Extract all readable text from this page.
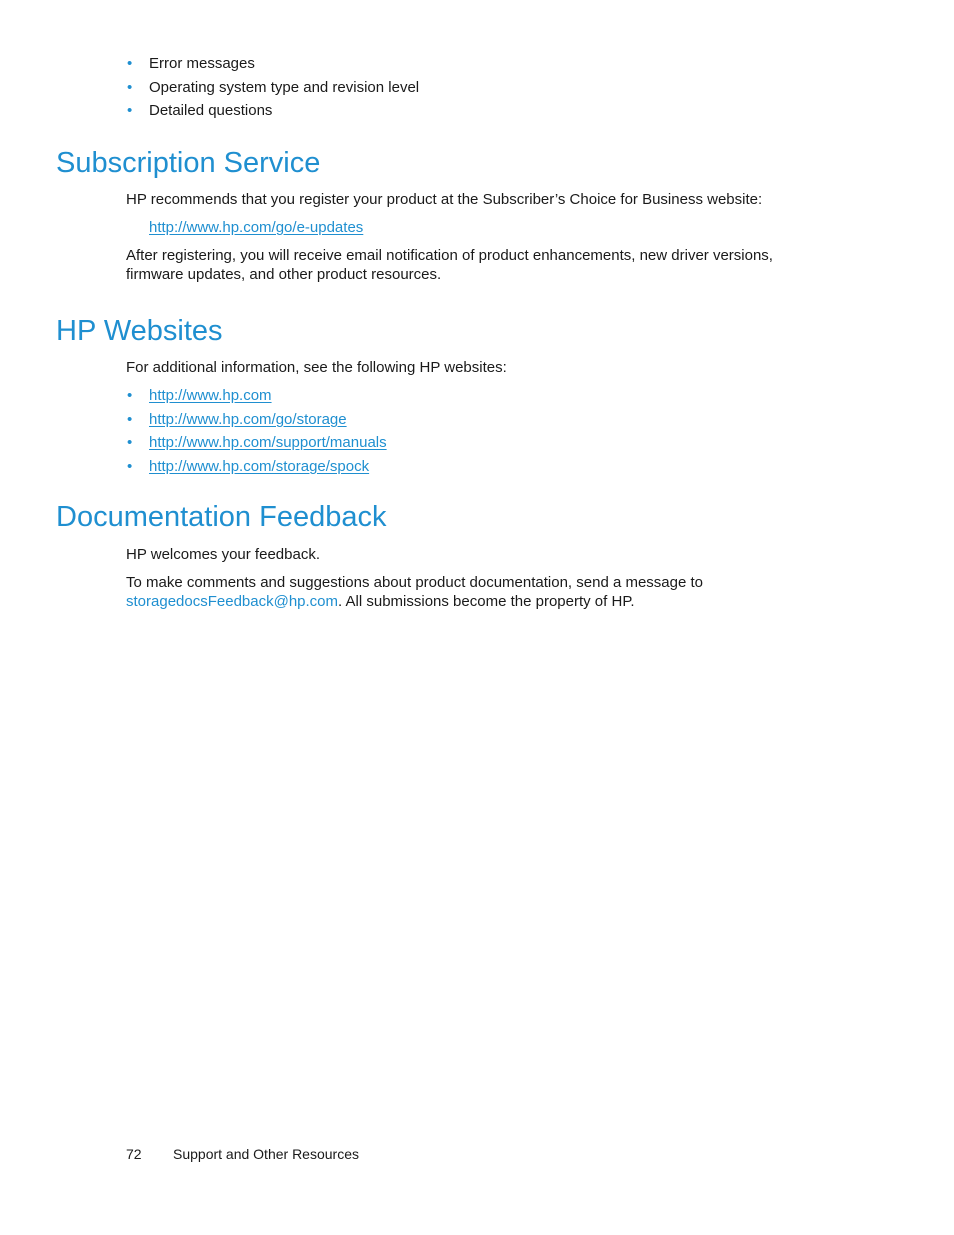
• Error messages
• Operating system type and revision level
• Detailed questions
Subscription Service
HP recommends that you register your product at the Subscriber’s Choice for Business website:
http://www.hp.com/go/e-updates
After registering, you will receive email notification of product enhancements, new driver versions,
firmware updates, and other product resources.
HP Websites
For additional information, see the following HP websites:
• http://www.hp.com
• http://www.hp.com/go/storage
• http://www.hp.com/support/manuals
• http://www.hp.com/storage/spock
Documentation Feedback
HP welcomes your feedback.
To make comments and suggestions about product documentation, send a message to
storagedocsFeedback@hp.com. All submissions become the property of HP.
72 Support and Other Resources
